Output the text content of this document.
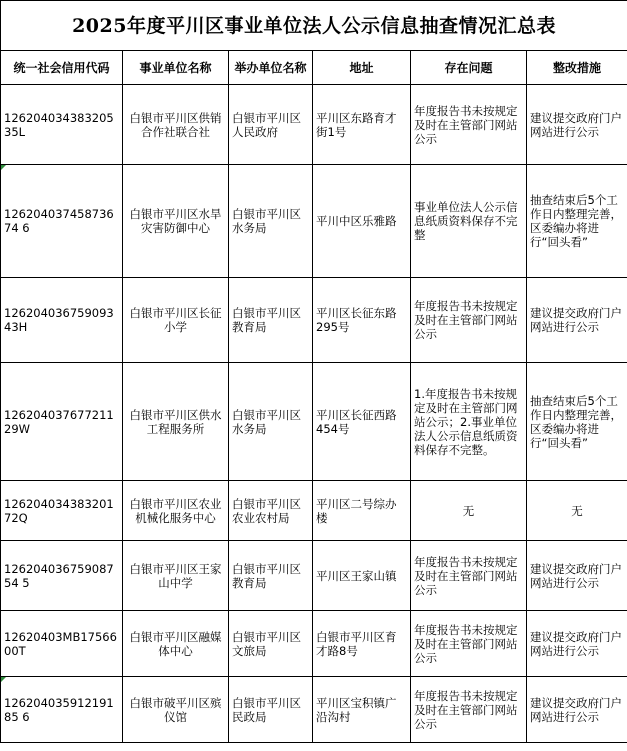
2025年度平川区事业单位法人公示信息抽查情况汇总表					
统一社会信用代码	事业单位名称	举办单位名称	地址	存在问题	整改措施
12620403438320535L	白银市平川区供销合作社联合社	白银市平川区人民政府	平川区东路育才街1号	年度报告书未按规定及时在主管部门网站公示	建议提交政府门户网站进行公示
12620403745873674 6	白银市平川区水旱灾害防御中心	白银市平川区水务局	平川中区乐雅路	事业单位法人公示信息纸质资料保存不完整	抽查结束后5个工作日内整理完善，区委编办将进行“回头看”
12620403675909343H	白银市平川区长征小学	白银市平川区教育局	平川区长征东路295号	年度报告书未按规定及时在主管部门网站公示	建议提交政府门户网站进行公示
12620403767721129W	白银市平川区供水工程服务所	白银市平川区水务局	平川区长征西路454号	1.年度报告书未按规定及时在主管部门网站公示；2.事业单位法人公示信息纸质资料保存不完整。	抽查结束后5个工作日内整理完善，区委编办将进行“回头看”
12620403438320172Q	白银市平川区农业机械化服务中心	白银市平川区农业农村局	平川区二号综办楼	无	无
12620403675908754 5	白银市平川区王家山中学	白银市平川区教育局	平川区王家山镇	年度报告书未按规定及时在主管部门网站公示	建议提交政府门户网站进行公示
12620403MB1756600T	白银市平川区融媒体中心	白银市平川区文旅局	白银市平川区育才路8号	年度报告书未按规定及时在主管部门网站公示	建议提交政府门户网站进行公示
12620403591219185 6	白银市破平川区殡仪馆	白银市平川区民政局	平川区宝积镇广沿沟村	年度报告书未按规定及时在主管部门网站公示	建议提交政府门户网站进行公示
